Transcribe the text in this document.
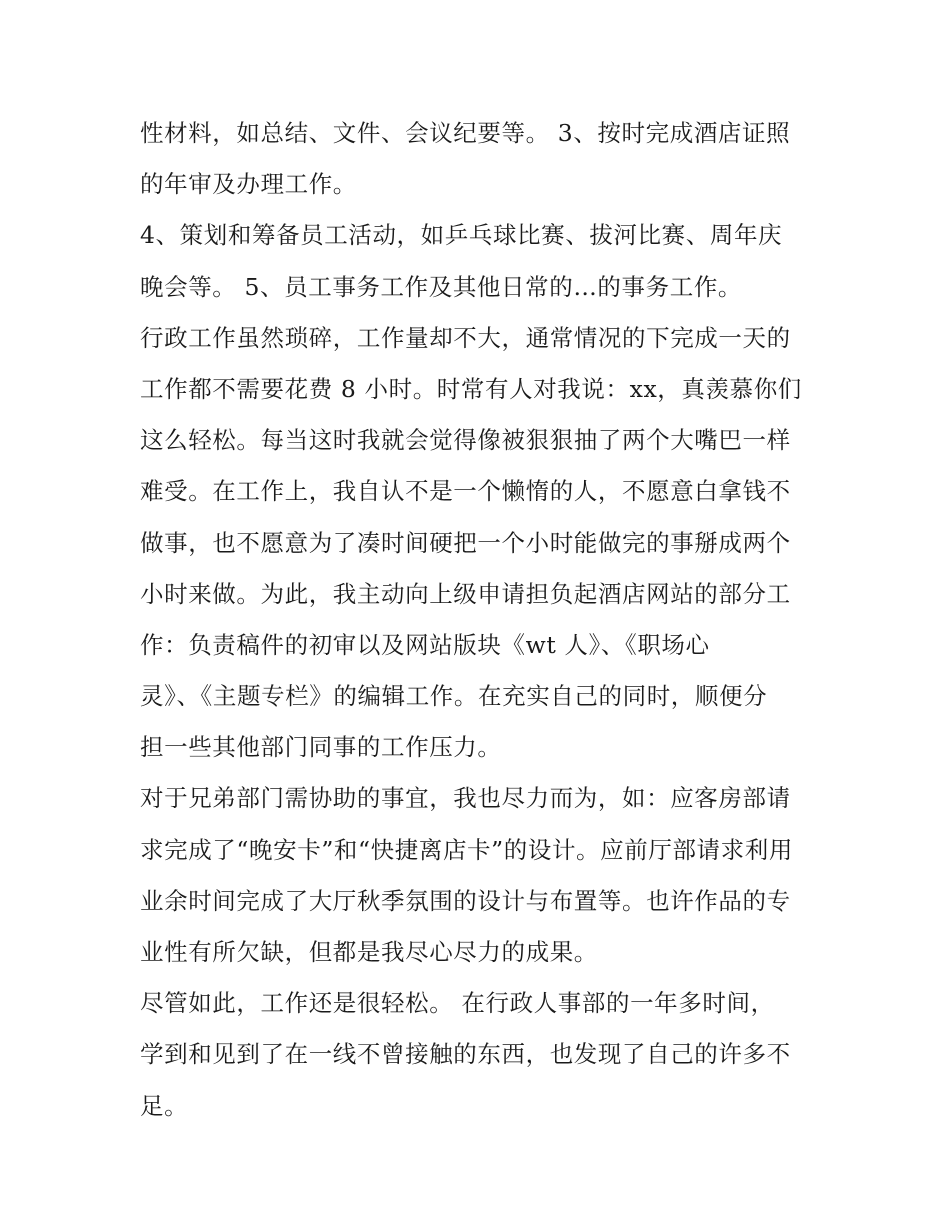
性材料，如总结、文件、会议纪要等。 3、按时完成酒店证照
的年审及办理工作。
4、策划和筹备员工活动，如乒乓球比赛、拔河比赛、周年庆
晚会等。 5、员工事务工作及其他日常的…的事务工作。
行政工作虽然琐碎，工作量却不大，通常情况的下完成一天的
工作都不需要花费 8 小时。时常有人对我说：xx，真羡慕你们
这么轻松。每当这时我就会觉得像被狠狠抽了两个大嘴巴一样
难受。在工作上，我自认不是一个懒惰的人，不愿意白拿钱不
做事，也不愿意为了凑时间硬把一个小时能做完的事掰成两个
小时来做。为此，我主动向上级申请担负起酒店网站的部分工
作：负责稿件的初审以及网站版块《wt 人》、《职场心
灵》、《主题专栏》的编辑工作。在充实自己的同时，顺便分
担一些其他部门同事的工作压力。
对于兄弟部门需协助的事宜，我也尽力而为，如：应客房部请
求完成了“晚安卡”和“快捷离店卡”的设计。应前厅部请求利用
业余时间完成了大厅秋季氛围的设计与布置等。也许作品的专
业性有所欠缺，但都是我尽心尽力的成果。
尽管如此，工作还是很轻松。 在行政人事部的一年多时间，
学到和见到了在一线不曾接触的东西，也发现了自己的许多不
足。
